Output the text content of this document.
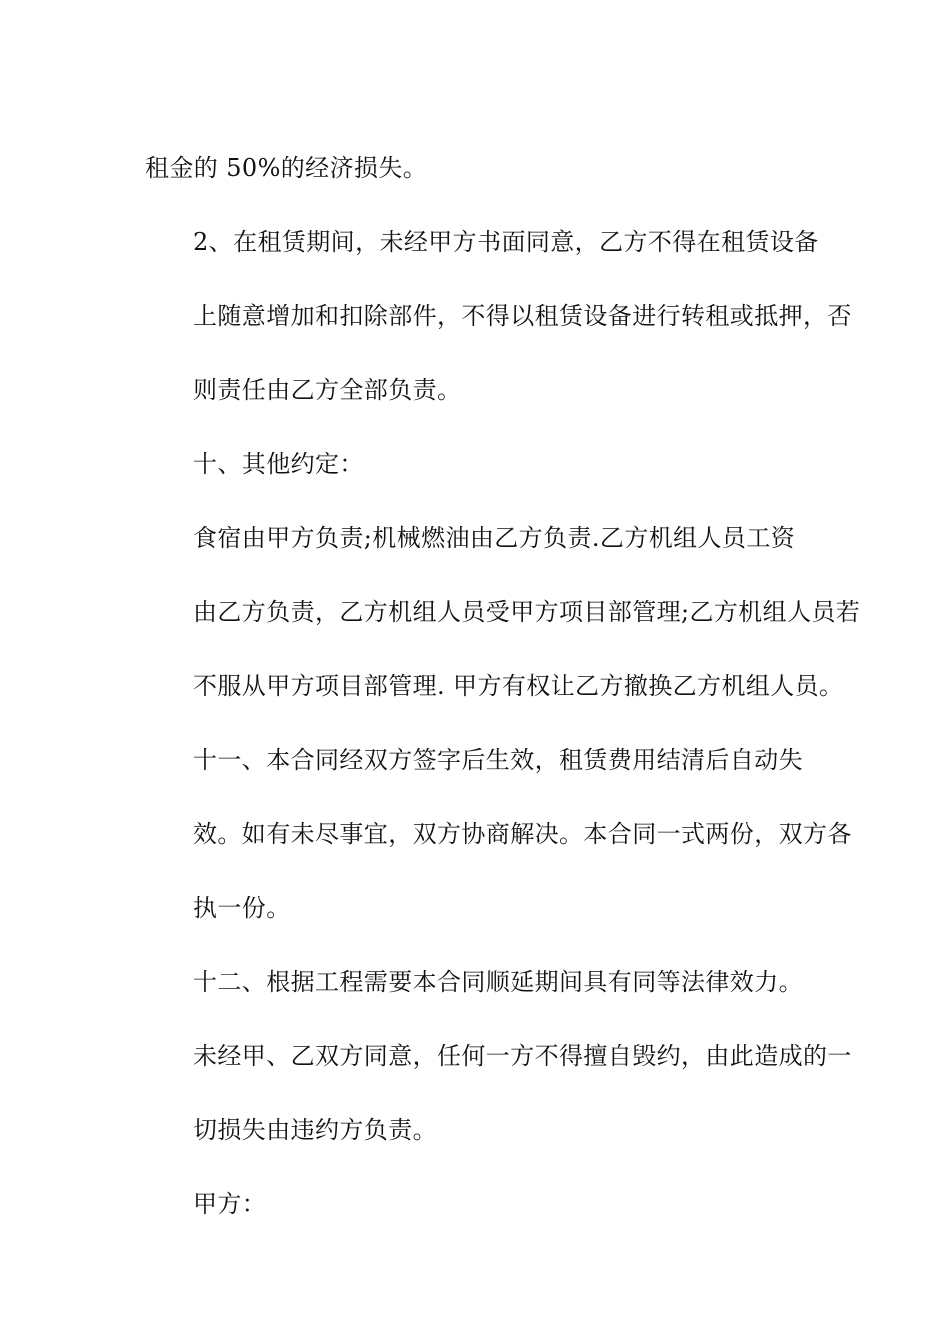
租金的 50%的经济损失。

2、在租赁期间，未经甲方书面同意，乙方不得在租赁设备
上随意增加和扣除部件，不得以租赁设备进行转租或抵押，否
则责任由乙方全部负责。

十、其他约定：

食宿由甲方负责;机械燃油由乙方负责.乙方机组人员工资
由乙方负责，乙方机组人员受甲方项目部管理;乙方机组人员若
不服从甲方项目部管理. 甲方有权让乙方撤换乙方机组人员。

十一、本合同经双方签字后生效，租赁费用结清后自动失
效。如有未尽事宜，双方协商解决。本合同一式两份，双方各
执一份。

十二、根据工程需要本合同顺延期间具有同等法律效力。
未经甲、乙双方同意，任何一方不得擅自毁约，由此造成的一
切损失由违约方负责。

甲方：
